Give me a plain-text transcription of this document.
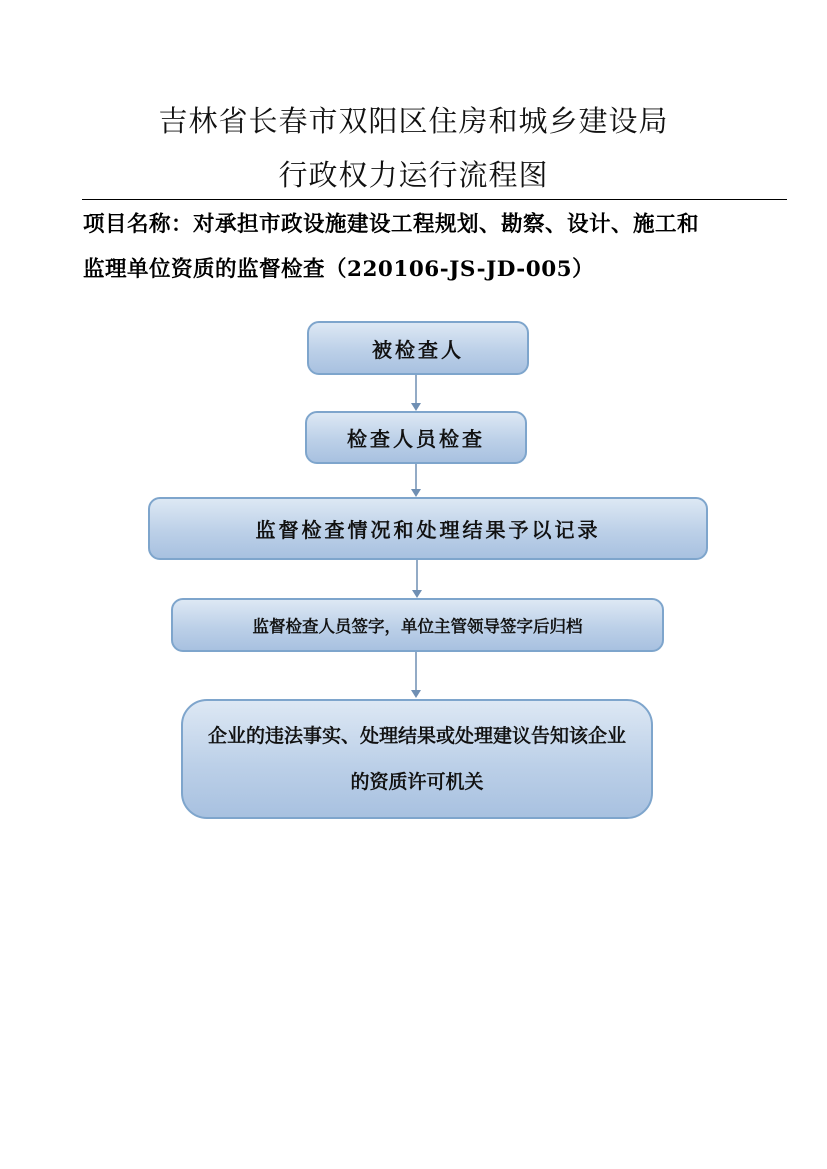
吉林省长春市双阳区住房和城乡建设局
行政权力运行流程图
项目名称：对承担市政设施建设工程规划、勘察、设计、施工和
监理单位资质的监督检查（220106-JS-JD-005）
被检查人
检查人员检查
监督检查情况和处理结果予以记录
监督检查人员签字，单位主管领导签字后归档
企业的违法事实、处理结果或处理建议告知该企业的资质许可机关
